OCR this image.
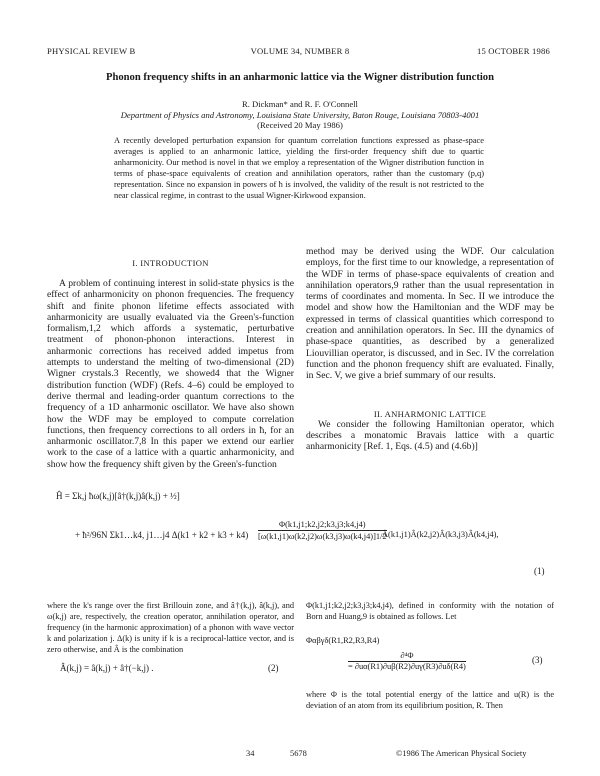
PHYSICAL REVIEW B	VOLUME 34, NUMBER 8	15 OCTOBER 1986
Phonon frequency shifts in an anharmonic lattice via the Wigner distribution function
R. Dickman* and R. F. O'Connell
Department of Physics and Astronomy, Louisiana State University, Baton Rouge, Louisiana 70803-4001
(Received 20 May 1986)
A recently developed perturbation expansion for quantum correlation functions expressed as phase-space averages is applied to an anharmonic lattice, yielding the first-order frequency shift due to quartic anharmonicity. Our method is novel in that we employ a representation of the Wigner distribution function in terms of phase-space equivalents of creation and annihilation operators, rather than the customary (p,q) representation. Since no expansion in powers of ħ is involved, the validity of the result is not restricted to the near classical regime, in contrast to the usual Wigner-Kirkwood expansion.
I. INTRODUCTION

A problem of continuing interest in solid-state physics is the effect of anharmonicity on phonon frequencies. The frequency shift and finite phonon lifetime effects associated with anharmonicity are usually evaluated via the Green's-function formalism,1,2 which affords a systematic, perturbative treatment of phonon-phonon interactions. Interest in anharmonic corrections has received added impetus from attempts to understand the melting of two-dimensional (2D) Wigner crystals.3 Recently, we showed4 that the Wigner distribution function (WDF) (Refs. 4–6) could be employed to derive thermal and leading-order quantum corrections to the frequency of a 1D anharmonic oscillator. We have also shown how the WDF may be employed to compute correlation functions, then frequency corrections to all orders in ħ, for an anharmonic oscillator.7,8 In this paper we extend our earlier work to the case of a lattice with a quartic anharmonicity, and show how the frequency shift given by the Green's-function

method may be derived using the WDF. Our calculation employs, for the first time to our knowledge, a representation of the WDF in terms of phase-space equivalents of creation and annihilation operators,9 rather than the usual representation in terms of coordinates and momenta. In Sec. II we introduce the model and show how the Hamiltonian and the WDF may be expressed in terms of classical quantities which correspond to creation and annihilation operators. In Sec. III the dynamics of phase-space quantities, as described by a generalized Liouvillian operator, is discussed, and in Sec. IV the correlation function and the phonon frequency shift are evaluated. Finally, in Sec. V, we give a brief summary of our results.

We consider the following Hamiltonian operator, which describes a monatomic Bravais lattice with a quartic anharmonicity [Ref. 1, Eqs. (4.5) and (4.6b)]

II. ANHARMONIC LATTICE
Ĥ = Σk,j ħω(k,j)[â†(k,j)â(k,j) + ½]
+ ħ²/96N Σk1…k4, j1…j4 $\Delta(k1 + k2 + k3 + k4) \frac{\Phi(k1,j1;k2,j2;k3,j3;k4,j4)}{[\omega(k1,j1)\omega(k2,j2)\omega(k3,j3)\omega(k4,j4)]1/2}$
Â(k1,j1)Â(k2,j2)Â(k3,j3)Â(k4,j4),
(1)
where the k's range over the first Brillouin zone, and â†(k,j), â(k,j), and ω(k,j) are, respectively, the creation operator, annihilation operator, and frequency (in the harmonic approximation) of a phonon with wave vector k and polarization j. Δ(k) is unity if k is a reciprocal-lattice vector, and is zero otherwise, and Â is the combination
Â(k,j) = â(k,j) + â†(−k,j) .	(2)
Φ(k1,j1;k2,j2;k3,j3;k4,j4), defined in conformity with the notation of Born and Huang,9 is obtained as follows. Let
Φαβγδ(R1,R2,R3,R4)
$\frac{\text{∂⁴Φ}}{= \partial u\alpha(R1)\partial u\beta(R2)\partial u\gamma(R3)\partial u\delta(R4)}$	(3)
where Φ is the total potential energy of the lattice and u(R) is the deviation of an atom from its equilibrium position, R. Then
34	5678	©1986 The American Physical Society
